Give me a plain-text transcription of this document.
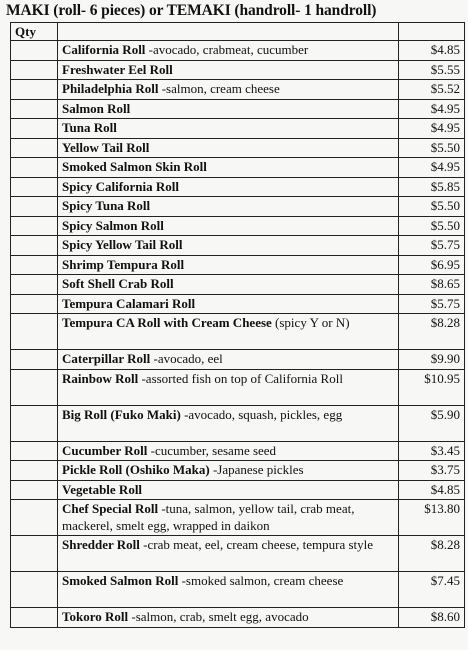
MAKI (roll- 6 pieces) or TEMAKI (handroll- 1 handroll)
Qty		
	California Roll -avocado, crabmeat, cucumber	$4.85
	Freshwater Eel Roll	$5.55
	Philadelphia Roll -salmon, cream cheese	$5.52
	Salmon Roll	$4.95
	Tuna Roll	$4.95
	Yellow Tail Roll	$5.50
	Smoked Salmon Skin Roll	$4.95
	Spicy California Roll	$5.85
	Spicy Tuna Roll	$5.50
	Spicy Salmon Roll	$5.50
	Spicy Yellow Tail Roll	$5.75
	Shrimp Tempura Roll	$6.95
	Soft Shell Crab Roll	$8.65
	Tempura Calamari Roll	$5.75
	Tempura CA Roll with Cream Cheese (spicy Y or N)	$8.28
	Caterpillar Roll -avocado, eel	$9.90
	Rainbow Roll -assorted fish on top of California Roll	$10.95
	Big Roll (Fuko Maki) -avocado, squash, pickles, egg	$5.90
	Cucumber Roll -cucumber, sesame seed	$3.45
	Pickle Roll (Oshiko Maka) -Japanese pickles	$3.75
	Vegetable Roll	$4.85
	Chef Special Roll -tuna, salmon, yellow tail, crab meat, mackerel, smelt egg, wrapped in daikon	$13.80
	Shredder Roll -crab meat, eel, cream cheese, tempura style	$8.28
	Smoked Salmon Roll -smoked salmon, cream cheese	$7.45
	Tokoro Roll -salmon, crab, smelt egg, avocado	$8.60
